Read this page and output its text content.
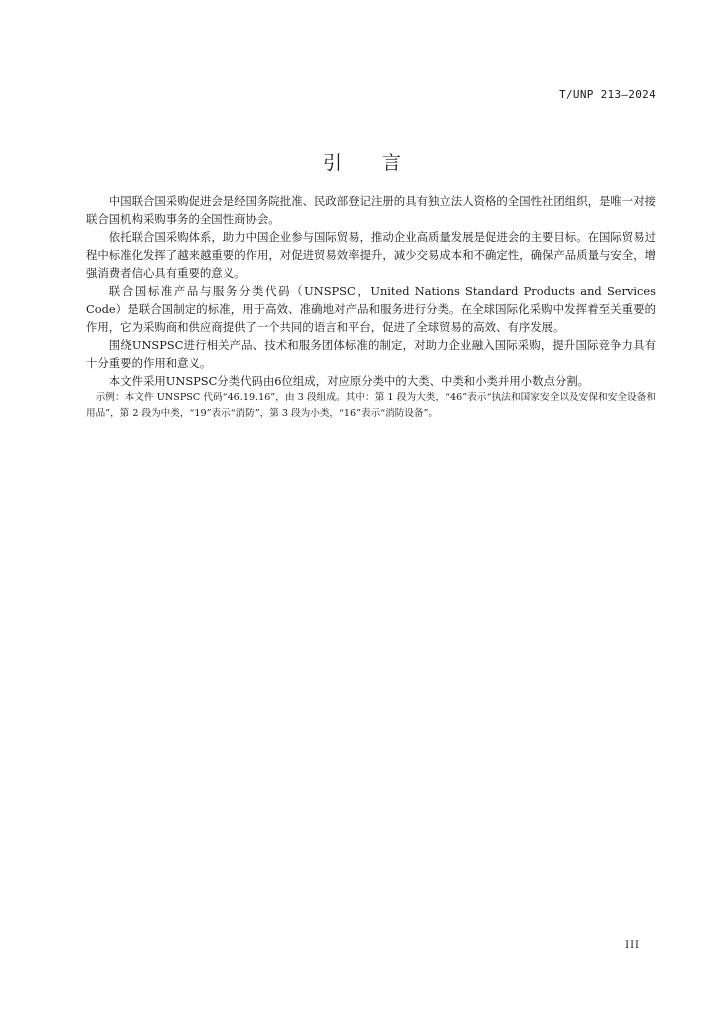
T/UNP 213—2024
引言

中国联合国采购促进会是经国务院批准、民政部登记注册的具有独立法人资格的全国性社团组织，是唯一对接联合国机构采购事务的全国性商协会。

依托联合国采购体系，助力中国企业参与国际贸易，推动企业高质量发展是促进会的主要目标。在国际贸易过程中标准化发挥了越来越重要的作用，对促进贸易效率提升，减少交易成本和不确定性，确保产品质量与安全，增强消费者信心具有重要的意义。

联合国标准产品与服务分类代码（UNSPSC，United Nations Standard Products and Services Code）是联合国制定的标准，用于高效、准确地对产品和服务进行分类。在全球国际化采购中发挥着至关重要的作用，它为采购商和供应商提供了一个共同的语言和平台，促进了全球贸易的高效、有序发展。

围绕UNSPSC进行相关产品、技术和服务团体标准的制定，对助力企业融入国际采购，提升国际竞争力具有十分重要的作用和意义。

本文件采用UNSPSC分类代码由6位组成，对应原分类中的大类、中类和小类并用小数点分割。

示例：本文件 UNSPSC 代码“46.19.16”，由 3 段组成。其中：第 1 段为大类，“46”表示“执法和国家安全以及安保和安全设备和用品”，第 2 段为中类，“19”表示“消防”，第 3 段为小类，“16”表示“消防设备”。

III
